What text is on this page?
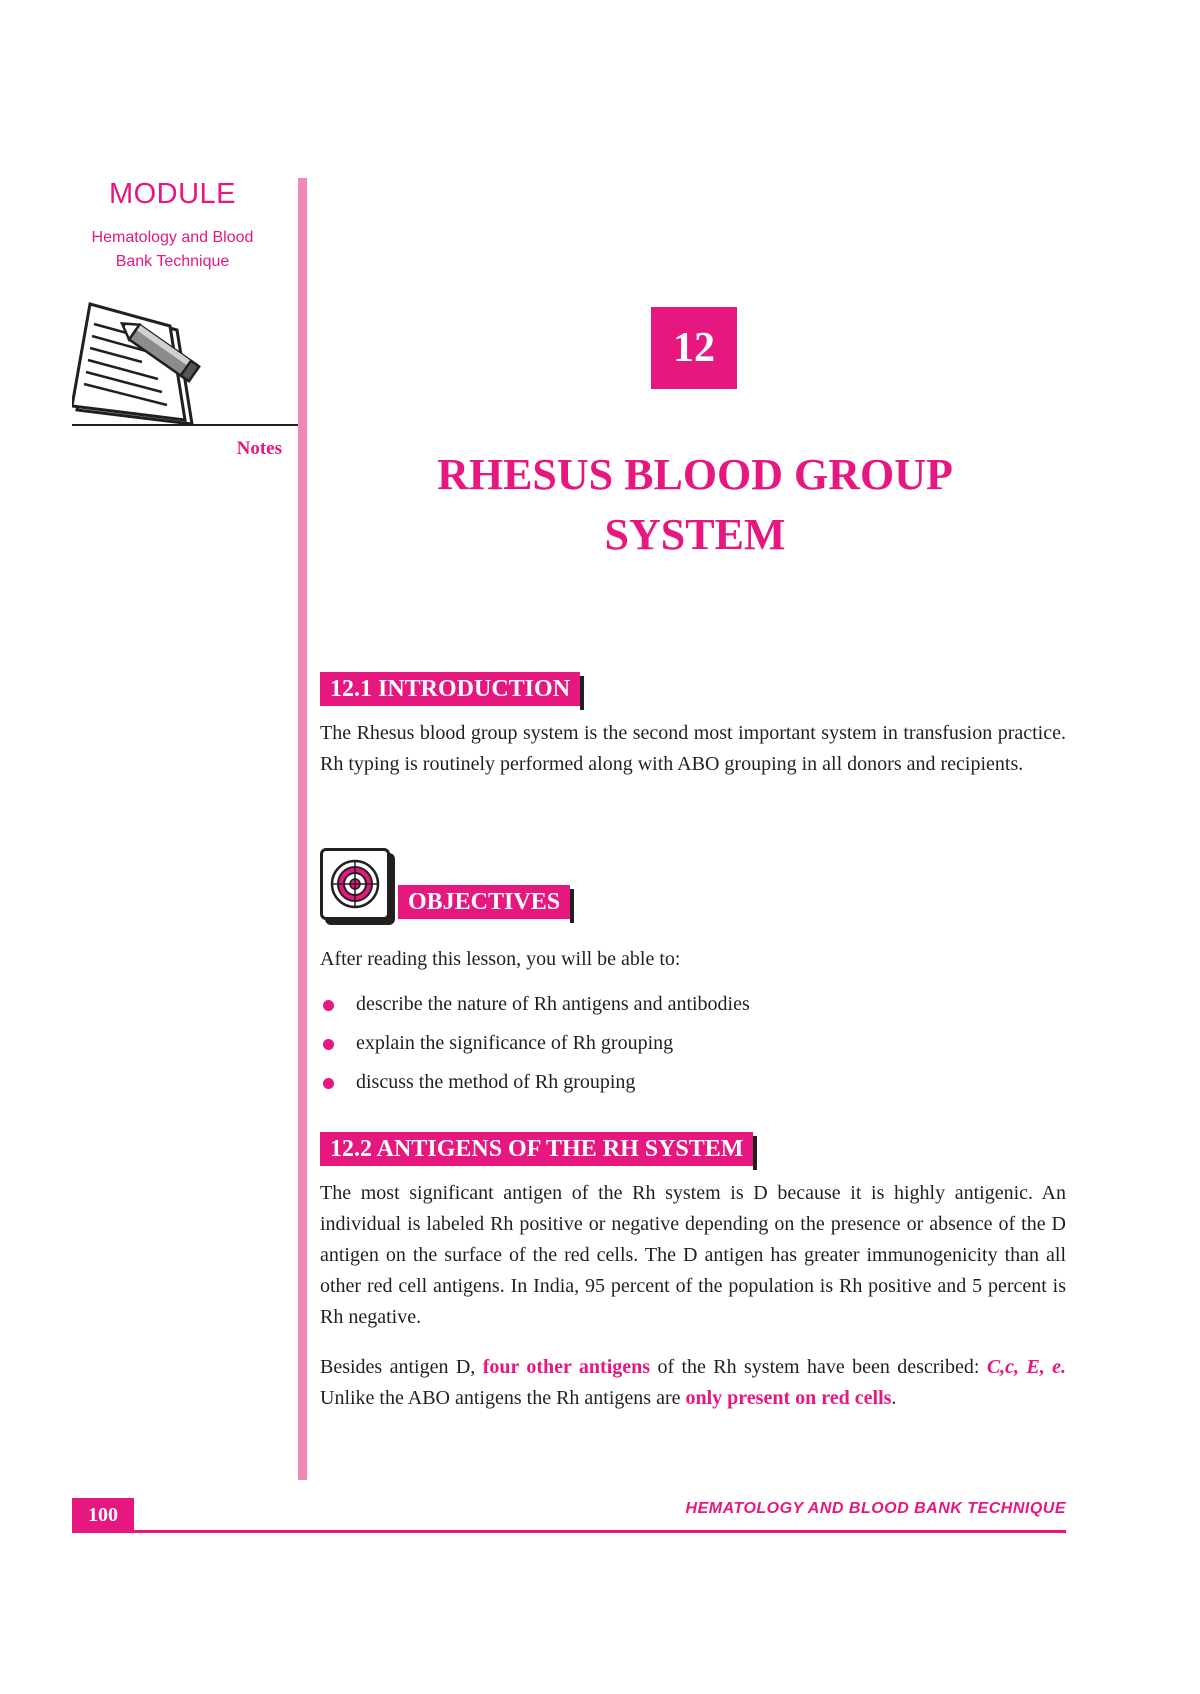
MODULE
Hematology and Blood
Bank Technique
Notes
12
RHESUS BLOOD GROUP
SYSTEM
12.1 INTRODUCTION
The Rhesus blood group system is the second most important system in transfusion practice. Rh typing is routinely performed along with ABO grouping in all donors and recipients.
OBJECTIVES
After reading this lesson, you will be able to:
describe the nature of Rh antigens and antibodies
explain the significance of Rh grouping
discuss the method of Rh grouping
12.2 ANTIGENS OF THE RH SYSTEM
The most significant antigen of the Rh system is D because it is highly antigenic. An individual is labeled Rh positive or negative depending on the presence or absence of the D antigen on the surface of the red cells. The D antigen has greater immunogenicity than all other red cell antigens. In India, 95 percent of the population is Rh positive and 5 percent is Rh negative.
Besides antigen D, four other antigens of the Rh system have been described: C,c, E, e. Unlike the ABO antigens the Rh antigens are only present on red cells.
100	HEMATOLOGY AND BLOOD BANK TECHNIQUE
